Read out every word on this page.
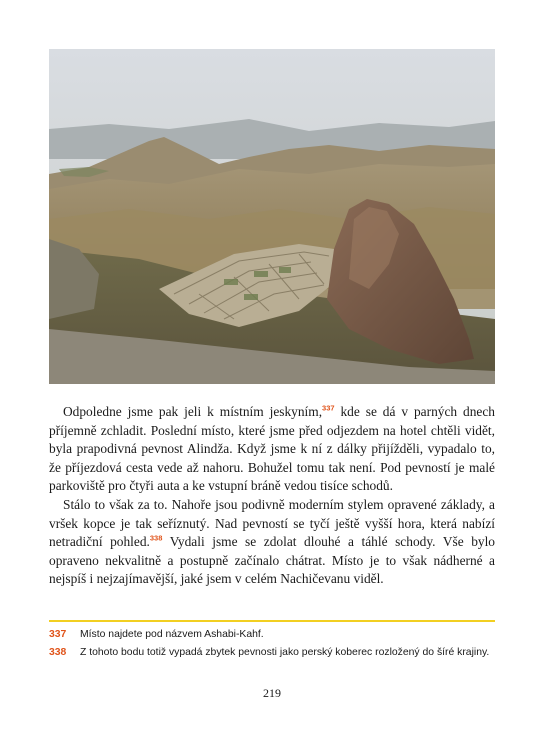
Odpoledne jsme pak jeli k místním jeskyním,$^{337}$ kde se dá v parných dnech příjemně zchladit. Poslední místo, které jsme před odjezdem na hotel chtěli vidět, byla prapodivná pevnost Alindža. Když jsme k ní z dálky přijížděli, vypadalo to, že příjezdová cesta vede až nahoru. Bohužel tomu tak není. Pod pevností je malé parkoviště pro čtyři auta a ke vstupní bráně vedou tisíce schodů.

Stálo to však za to. Nahoře jsou podivně moderním stylem opravené základy, a vršek kopce je tak seříznutý. Nad pevností se tyčí ještě vyšší hora, která nabízí netradiční pohled.$^{338}$ Vydali jsme se zdolat dlouhé a táhlé schody. Vše bylo opraveno nekvalitně a postupně začínalo chátrat. Místo je to však nádherné a nejspíš i nejzajímavější, jaké jsem v celém Nachičevanu viděl.

337	Místo najdete pod názvem Ashabi-Kahf.
338	Z tohoto bodu totiž vypadá zbytek pevnosti jako perský koberec rozložený do šíré krajiny.
219
